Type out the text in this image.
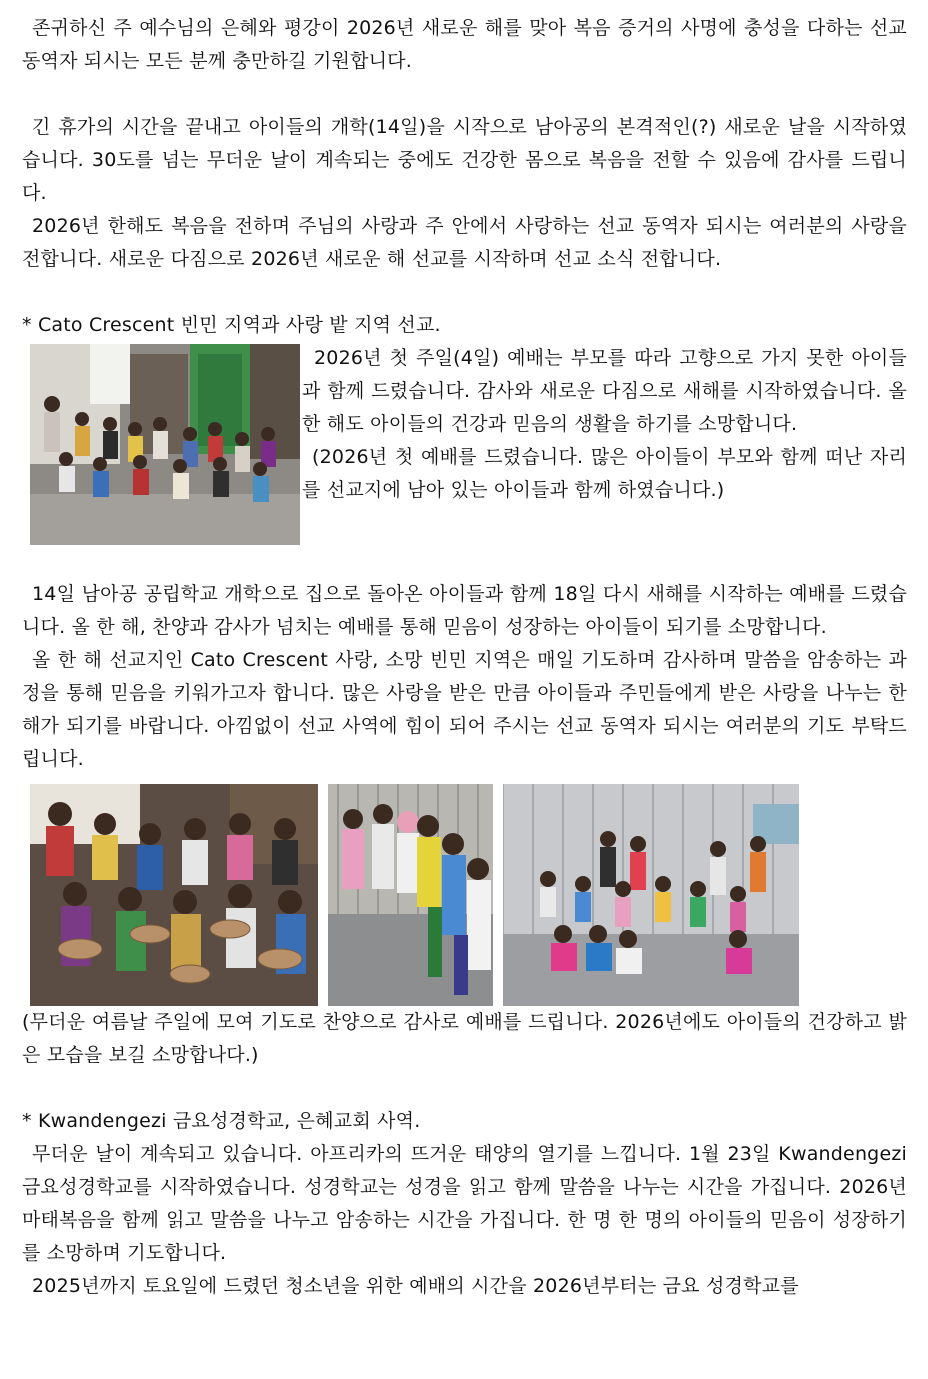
존귀하신 주 예수님의 은혜와 평강이 2026년 새로운 해를 맞아 복음 증거의 사명에 충성을 다하는 선교 동역자 되시는 모든 분께 충만하길 기원합니다.

긴 휴가의 시간을 끝내고 아이들의 개학(14일)을 시작으로 남아공의 본격적인(?) 새로운 날을 시작하였습니다. 30도를 넘는 무더운 날이 계속되는 중에도 건강한 몸으로 복음을 전할 수 있음에 감사를 드립니다.

2026년 한해도 복음을 전하며 주님의 사랑과 주 안에서 사랑하는 선교 동역자 되시는 여러분의 사랑을 전합니다. 새로운 다짐으로 2026년 새로운 해 선교를 시작하며 선교 소식 전합니다.

* Cato Crescent 빈민 지역과 사랑 밭 지역 선교.

2026년 첫 주일(4일) 예배는 부모를 따라 고향으로 가지 못한 아이들과 함께 드렸습니다. 감사와 새로운 다짐으로 새해를 시작하였습니다. 올 한 해도 아이들의 건강과 믿음의 생활을 하기를 소망합니다.

(2026년 첫 예배를 드렸습니다. 많은 아이들이 부모와 함께 떠난 자리를 선교지에 남아 있는 아이들과 함께 하였습니다.)

14일 남아공 공립학교 개학으로 집으로 돌아온 아이들과 함께 18일 다시 새해를 시작하는 예배를 드렸습니다. 올 한 해, 찬양과 감사가 넘치는 예배를 통해 믿음이 성장하는 아이들이 되기를 소망합니다.

올 한 해 선교지인 Cato Crescent 사랑, 소망 빈민 지역은 매일 기도하며 감사하며 말씀을 암송하는 과정을 통해 믿음을 키워가고자 합니다. 많은 사랑을 받은 만큼 아이들과 주민들에게 받은 사랑을 나누는 한 해가 되기를 바랍니다. 아낌없이 선교 사역에 힘이 되어 주시는 선교 동역자 되시는 여러분의 기도 부탁드립니다.

(무더운 여름날 주일에 모여 기도로 찬양으로 감사로 예배를 드립니다. 2026년에도 아이들의 건강하고 밝은 모습을 보길 소망합나다.)

* Kwandengezi 금요성경학교, 은혜교회 사역.

무더운 날이 계속되고 있습니다. 아프리카의 뜨거운 태양의 열기를 느낍니다. 1월 23일 Kwandengezi 금요성경학교를 시작하였습니다. 성경학교는 성경을 읽고 함께 말씀을 나누는 시간을 가집니다. 2026년 마태복음을 함께 읽고 말씀을 나누고 암송하는 시간을 가집니다. 한 명 한 명의 아이들의 믿음이 성장하기를 소망하며 기도합니다.

2025년까지 토요일에 드렸던 청소년을 위한 예배의 시간을 2026년부터는 금요 성경학교를
